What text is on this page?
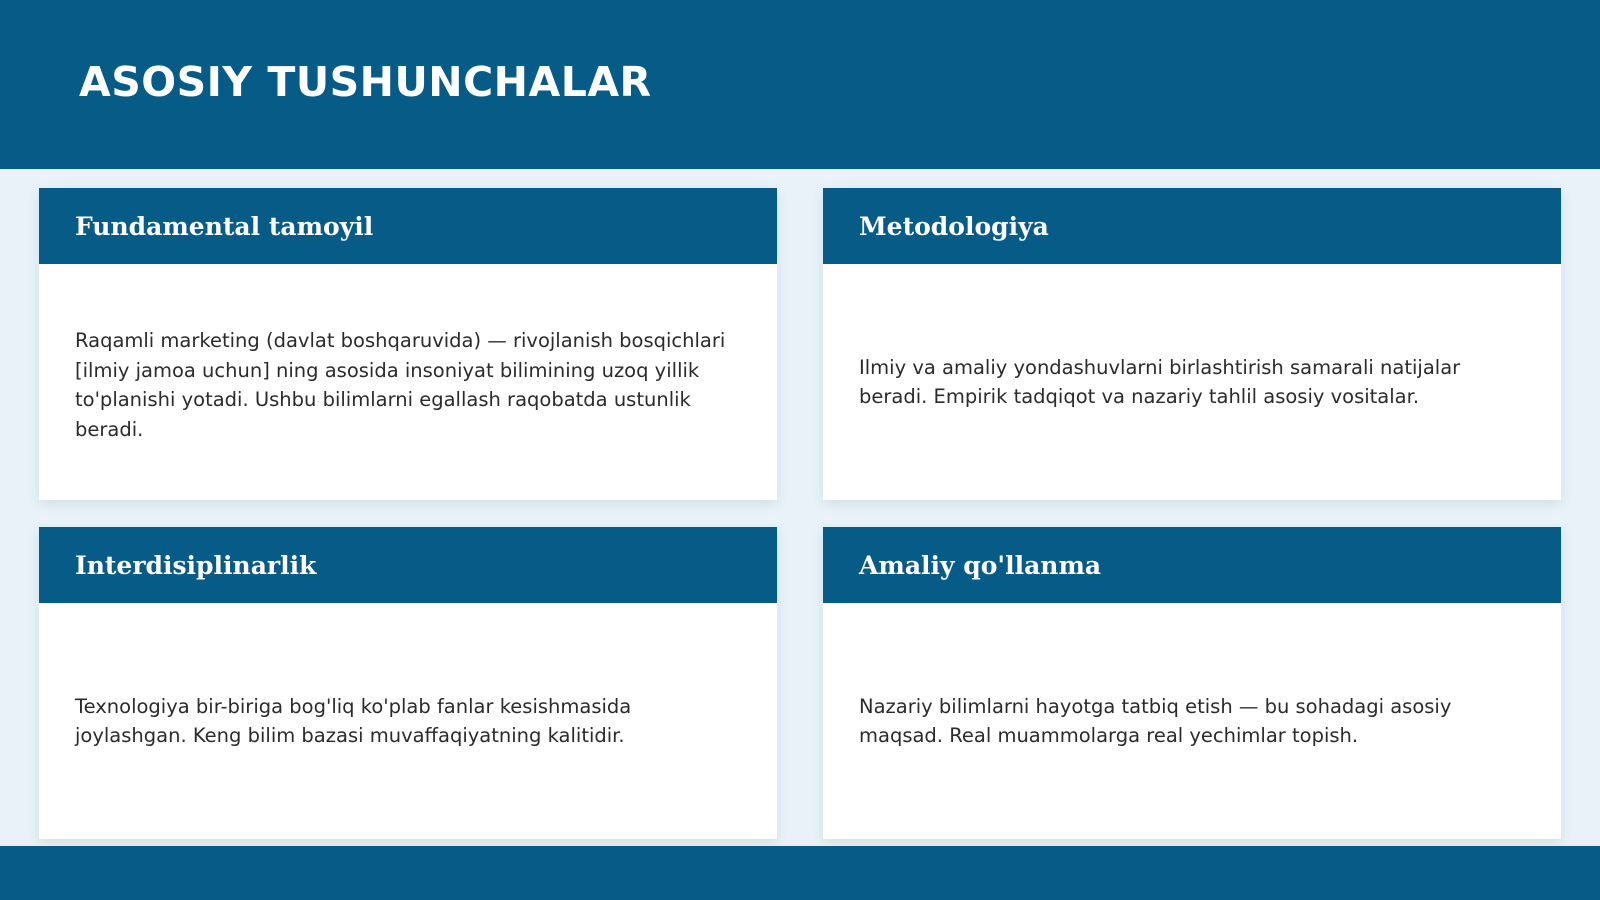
ASOSIY TUSHUNCHALAR
Fundamental tamoyil

Raqamli marketing (davlat boshqaruvida) — rivojlanish bosqichlari [ilmiy jamoa uchun] ning asosida insoniyat bilimining uzoq yillik to'planishi yotadi. Ushbu bilimlarni egallash raqobatda ustunlik beradi.

Metodologiya

Ilmiy va amaliy yondashuvlarni birlashtirish samarali natijalar beradi. Empirik tadqiqot va nazariy tahlil asosiy vositalar.

Interdisiplinarlik

Texnologiya bir-biriga bog'liq ko'plab fanlar kesishmasida joylashgan. Keng bilim bazasi muvaffaqiyatning kalitidir.

Amaliy qo'llanma

Nazariy bilimlarni hayotga tatbiq etish — bu sohadagi asosiy maqsad. Real muammolarga real yechimlar topish.
